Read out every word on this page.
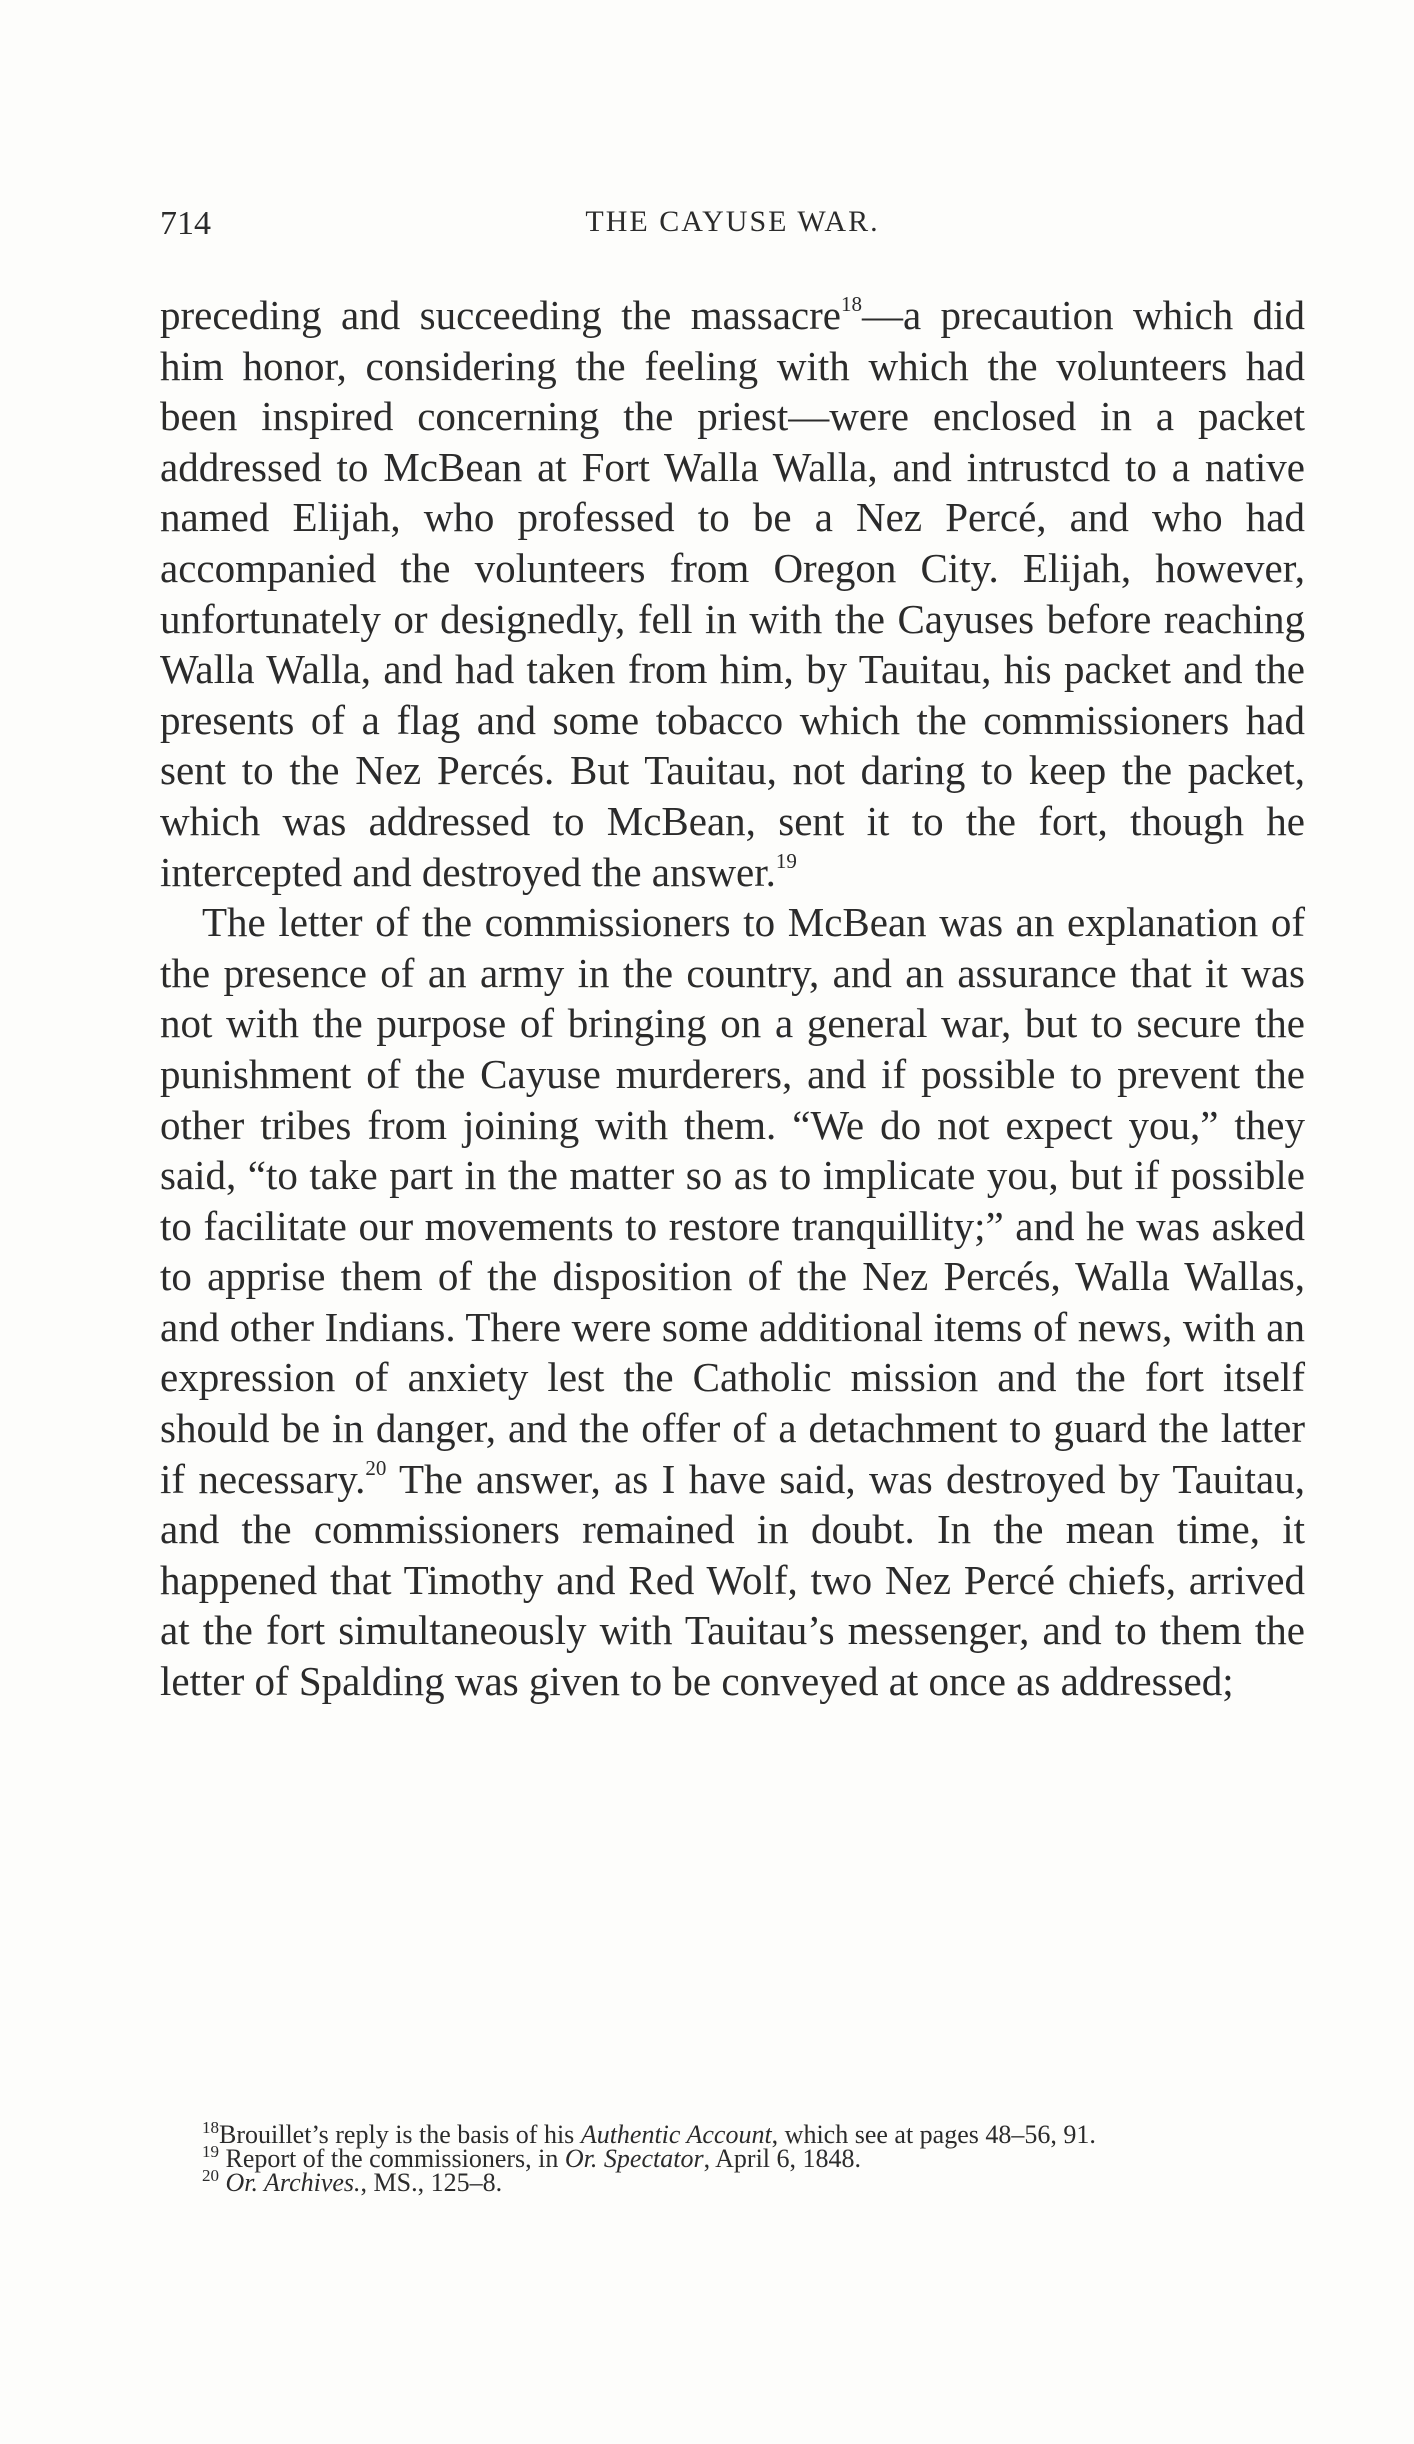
714	THE CAYUSE WAR.

preceding and succeeding the massacre$^{18}$—a precaution which did him honor, considering the feeling with which the volunteers had been inspired concerning the priest—were enclosed in a packet addressed to McBean at Fort Walla Walla, and intrustcd to a native named Elijah, who professed to be a Nez Percé, and who had accompanied the volunteers from Oregon City. Elijah, however, unfortunately or designedly, fell in with the Cayuses before reaching Walla Walla, and had taken from him, by Tauitau, his packet and the presents of a flag and some tobacco which the commissioners had sent to the Nez Percés. But Tauitau, not daring to keep the packet, which was addressed to McBean, sent it to the fort, though he intercepted and destroyed the answer.$^{19}$

The letter of the commissioners to McBean was an explanation of the presence of an army in the country, and an assurance that it was not with the purpose of bringing on a general war, but to secure the punishment of the Cayuse murderers, and if possible to prevent the other tribes from joining with them. “We do not expect you,” they said, “to take part in the matter so as to implicate you, but if possible to facilitate our movements to restore tranquillity;” and he was asked to apprise them of the disposition of the Nez Percés, Walla Wallas, and other Indians. There were some additional items of news, with an expression of anxiety lest the Catholic mission and the fort itself should be in danger, and the offer of a detachment to guard the latter if necessary.$^{20}$ The answer, as I have said, was destroyed by Tauitau, and the commissioners remained in doubt. In the mean time, it happened that Timothy and Red Wolf, two Nez Percé chiefs, arrived at the fort simultaneously with Tauitau’s messenger, and to them the letter of Spalding was given to be conveyed at once as addressed;

$^{18}$Brouillet’s reply is the basis of his Authentic Account, which see at pages 48–56, 91.

$^{19}$ Report of the commissioners, in Or. Spectator, April 6, 1848.

$^{20}$ Or. Archives., MS., 125–8.
